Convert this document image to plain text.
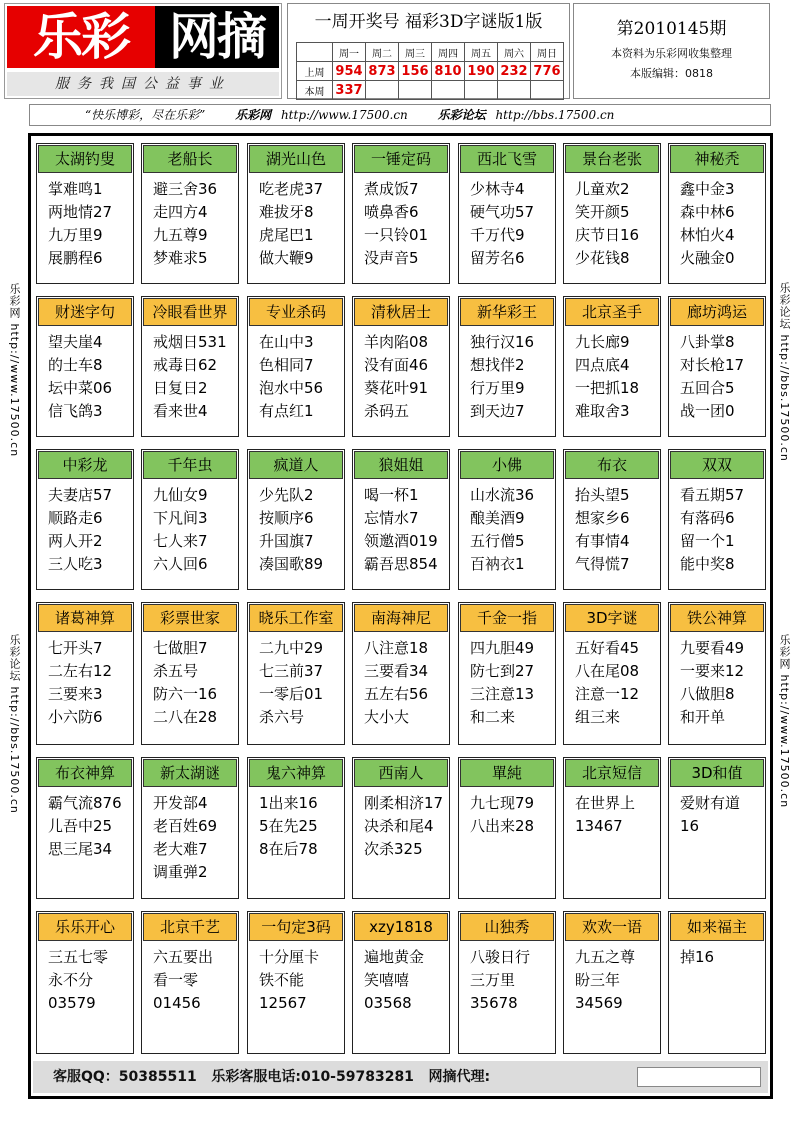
乐彩 网摘
服务我国公益事业
一周开奖号 福彩3D字谜版1版
	周一	周二	周三	周四	周五	周六	周日
上周	954	873	156	810	190	232	776
本周	337						
第2010145期
本资料为乐彩网收集整理
本版编辑：0818
“快乐博彩，尽在乐彩” 乐彩网 http://www.17500.cn 乐彩论坛 http://bbs.17500.cn
乐彩网 http://www.17500.cn
乐彩论坛 http://bbs.17500.cn
乐彩论坛 http://bbs.17500.cn
乐彩网 http://www.17500.cn
客服QQ：50385511 乐彩客服电话:010-59783281 网摘代理:
太湖钓叟
掌难鸣1
两地情27
九万里9
展鹏程6
老船长
避三舍36
走四方4
九五尊9
梦难求5
湖光山色
吃老虎37
难拔牙8
虎尾巴1
做大鞭9
一锤定码
煮成饭7
喷鼻香6
一只铃01
没声音5
西北飞雪
少林寺4
硬气功57
千万代9
留芳名6
景台老张
儿童欢2
笑开颜5
庆节日16
少花钱8
神秘秃
鑫中金3
森中林6
林怕火4
火融金0
财迷字句
望夫崖4
的士车8
坛中菜06
信飞鸽3
冷眼看世界
戒烟日531
戒毒日62
日复日2
看来世4
专业杀码
在山中3
色相同7
泡水中56
有点红1
清秋居士
羊肉陷08
没有面46
葵花叶91
杀码五
新华彩王
独行汉16
想找伴2
行万里9
到天边7
北京圣手
九长廊9
四点底4
一把抓18
难取舍3
廊坊鸿运
八卦掌8
对长枪17
五回合5
战一团0
中彩龙
夫妻店57
顺路走6
两人开2
三人吃3
千年虫
九仙女9
下凡间3
七人来7
六人回6
疯道人
少先队2
按顺序6
升国旗7
凑国歌89
狼姐姐
喝一杯1
忘情水7
领邀酒019
霸吾思854
小佛
山水流36
酿美酒9
五行僧5
百衲衣1
布衣
抬头望5
想家乡6
有事情4
气得慌7
双双
看五期57
有落码6
留一个1
能中奖8
诸葛神算
七开头7
二左右12
三要来3
小六防6
彩票世家
七做胆7
杀五号
防六一16
二八在28
晓乐工作室
二九中29
七三前37
一零后01
杀六号
南海神尼
八注意18
三要看34
五左右56
大小大
千金一指
四九胆49
防七到27
三注意13
和二来
3D字谜
五好看45
八在尾08
注意一12
组三来
铁公神算
九要看49
一要来12
八做胆8
和开单
布衣神算
霸气流876
儿吾中25
思三尾34
新太湖谜
开发部4
老百姓69
老大难7
调重弹2
鬼六神算
1出来16
5在先25
8在后78
西南人
刚柔相济17
决杀和尾4
次杀325
單純
九七现79
八出来28
北京短信
在世界上
13467
3D和值
爱财有道
16
乐乐开心
三五七零
永不分
03579
北京千艺
六五要出
看一零
01456
一句定3码
十分厘卡
铁不能
12567
xzy1818
遍地黄金
笑嘻嘻
03568
山独秀
八骏日行
三万里
35678
欢欢一语
九五之尊
盼三年
34569
如来福主
掉16
